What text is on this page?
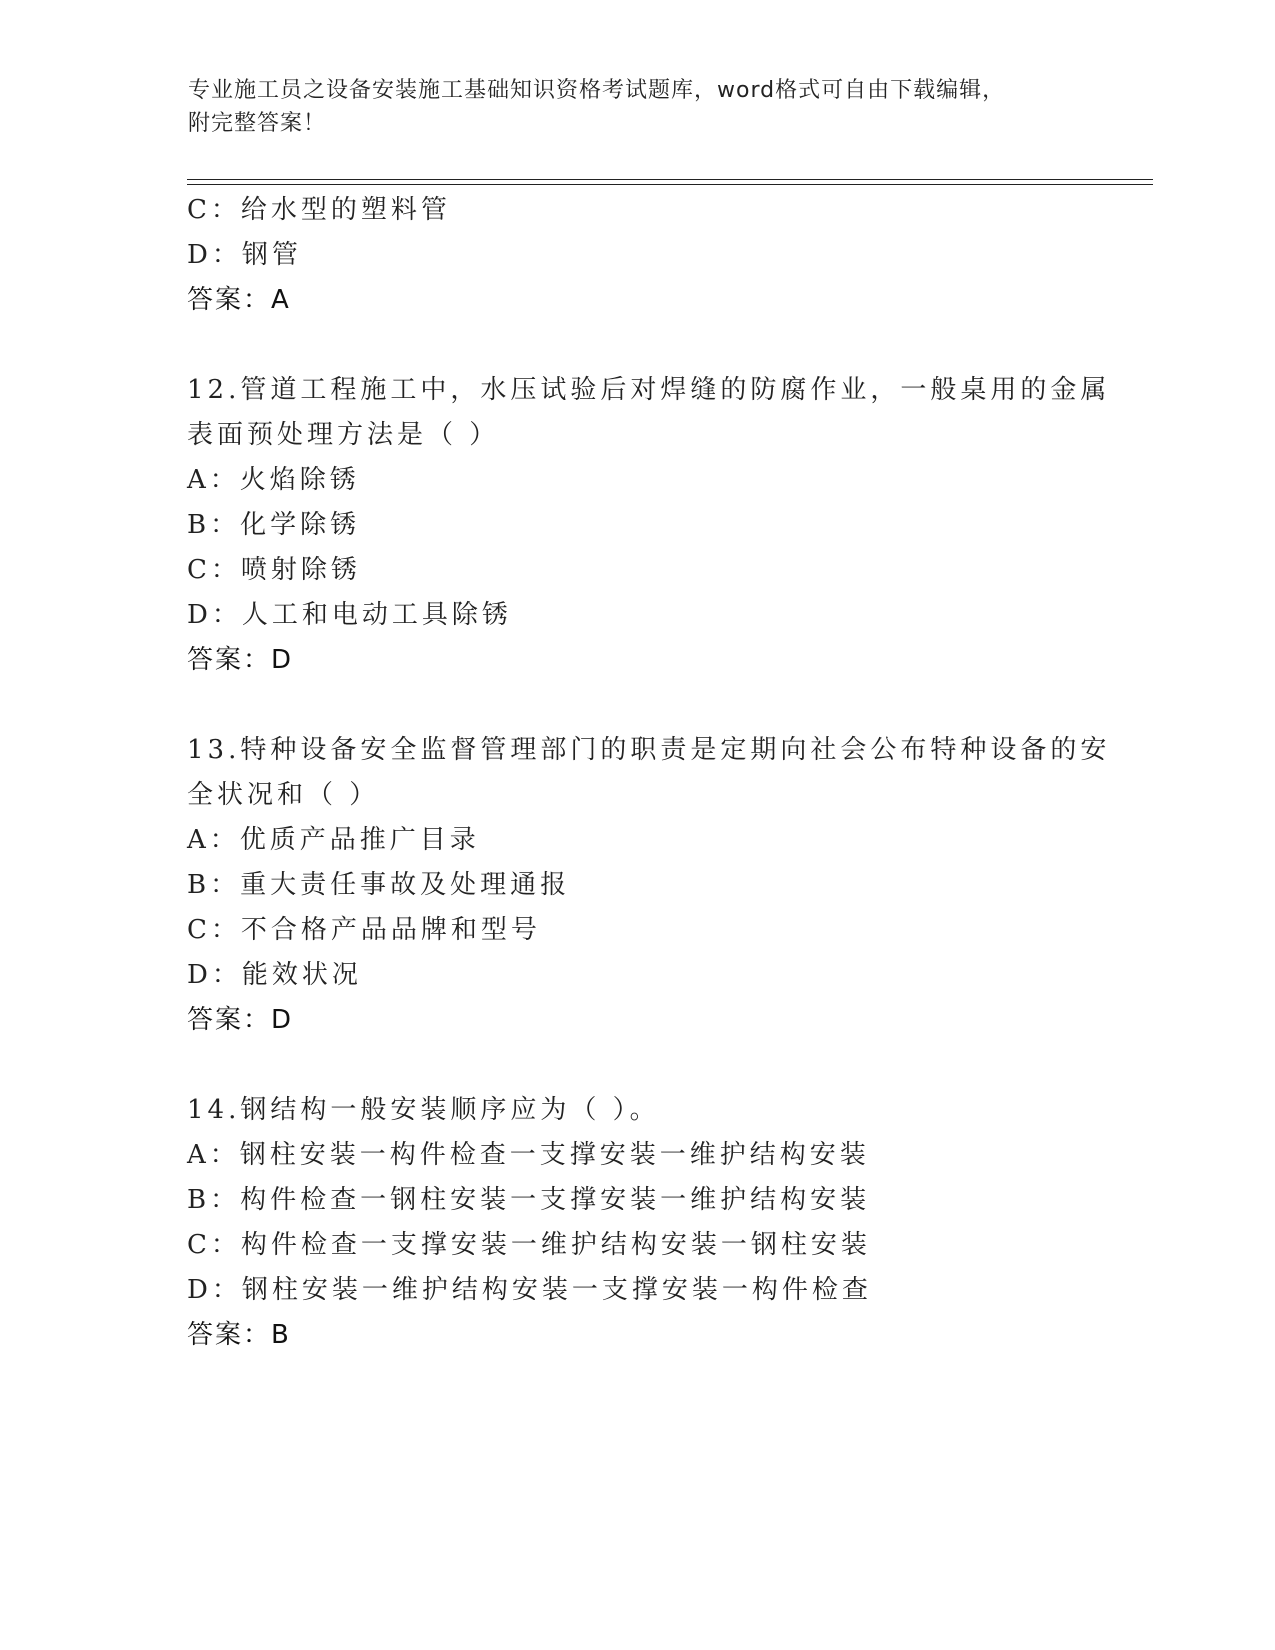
专业施工员之设备安装施工基础知识资格考试题库，word格式可自由下载编辑，
附完整答案！
C：给水型的塑料管
D：钢管
答案：A
12.管道工程施工中，水压试验后对焊缝的防腐作业，一般桌用的金属
表面预处理方法是（ ）
A：火焰除锈
B：化学除锈
C：喷射除锈
D：人工和电动工具除锈
答案：D
13.特种设备安全监督管理部门的职责是定期向社会公布特种设备的安
全状况和（ ）
A：优质产品推广目录
B：重大责任事故及处理通报
C：不合格产品品牌和型号
D：能效状况
答案：D
14.钢结构一般安装顺序应为（ ）。
A：钢柱安装一构件检查一支撑安装一维护结构安装
B：构件检查一钢柱安装一支撑安装一维护结构安装
C：构件检查一支撑安装一维护结构安装一钢柱安装
D：钢柱安装一维护结构安装一支撑安装一构件检查
答案：B
